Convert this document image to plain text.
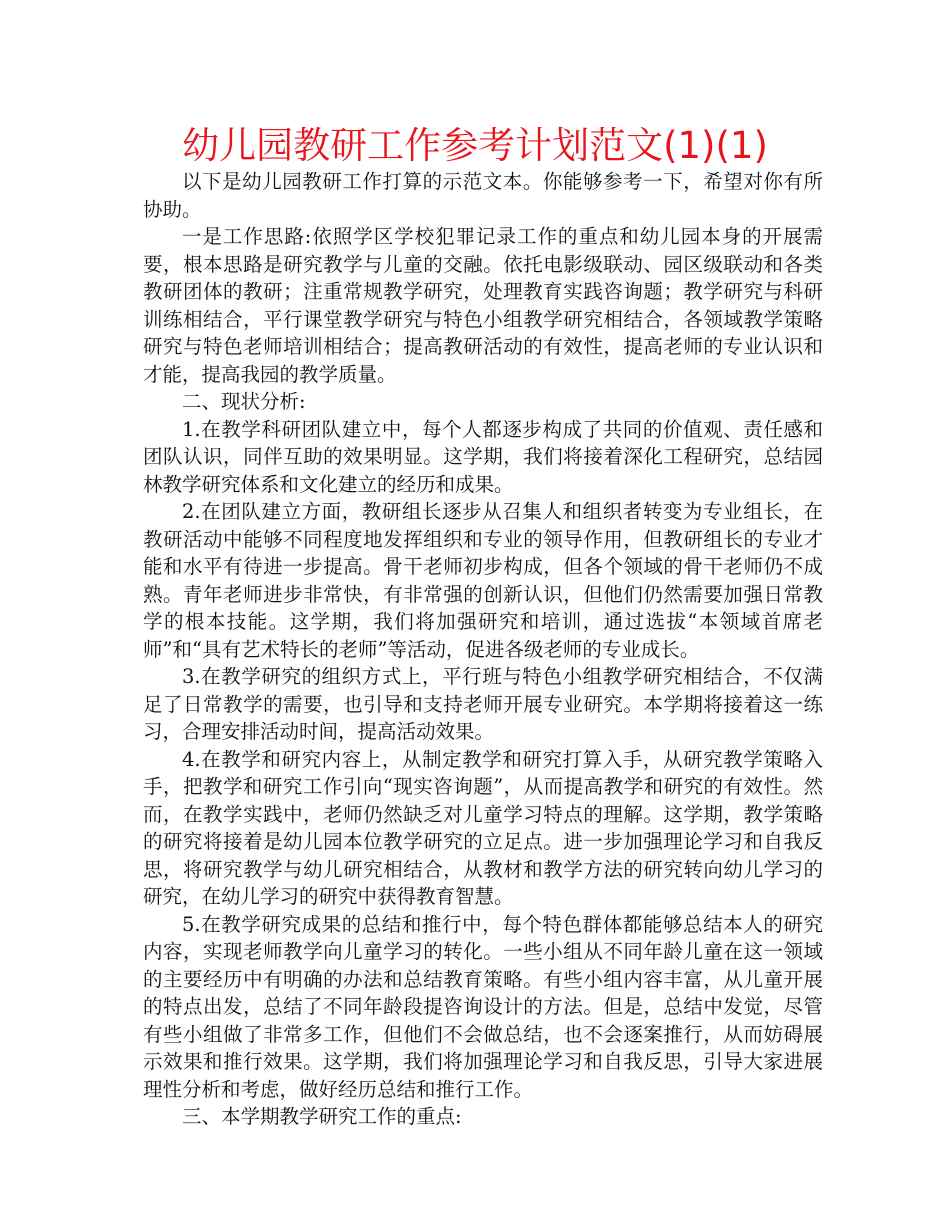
幼儿园教研工作参考计划范文(1)(1)

以下是幼儿园教研工作打算的示范文本。你能够参考一下，希望对你有所协助。

一是工作思路:依照学区学校犯罪记录工作的重点和幼儿园本身的开展需要，根本思路是研究教学与儿童的交融。依托电影级联动、园区级联动和各类教研团体的教研；注重常规教学研究，处理教育实践咨询题；教学研究与科研训练相结合，平行课堂教学研究与特色小组教学研究相结合，各领域教学策略研究与特色老师培训相结合；提高教研活动的有效性，提高老师的专业认识和才能，提高我园的教学质量。

二、现状分析:

1.在教学科研团队建立中，每个人都逐步构成了共同的价值观、责任感和团队认识，同伴互助的效果明显。这学期，我们将接着深化工程研究，总结园林教学研究体系和文化建立的经历和成果。

2.在团队建立方面，教研组长逐步从召集人和组织者转变为专业组长，在教研活动中能够不同程度地发挥组织和专业的领导作用，但教研组长的专业才能和水平有待进一步提高。骨干老师初步构成，但各个领域的骨干老师仍不成熟。青年老师进步非常快，有非常强的创新认识，但他们仍然需要加强日常教学的根本技能。这学期，我们将加强研究和培训，通过选拔“本领域首席老师”和“具有艺术特长的老师”等活动，促进各级老师的专业成长。

3.在教学研究的组织方式上，平行班与特色小组教学研究相结合，不仅满足了日常教学的需要，也引导和支持老师开展专业研究。本学期将接着这一练习，合理安排活动时间，提高活动效果。

4.在教学和研究内容上，从制定教学和研究打算入手，从研究教学策略入手，把教学和研究工作引向“现实咨询题”，从而提高教学和研究的有效性。然而，在教学实践中，老师仍然缺乏对儿童学习特点的理解。这学期，教学策略的研究将接着是幼儿园本位教学研究的立足点。进一步加强理论学习和自我反思，将研究教学与幼儿研究相结合，从教材和教学方法的研究转向幼儿学习的研究，在幼儿学习的研究中获得教育智慧。

5.在教学研究成果的总结和推行中，每个特色群体都能够总结本人的研究内容，实现老师教学向儿童学习的转化。一些小组从不同年龄儿童在这一领域的主要经历中有明确的办法和总结教育策略。有些小组内容丰富，从儿童开展的特点出发，总结了不同年龄段提咨询设计的方法。但是，总结中发觉，尽管有些小组做了非常多工作，但他们不会做总结，也不会逐案推行，从而妨碍展示效果和推行效果。这学期，我们将加强理论学习和自我反思，引导大家进展理性分析和考虑，做好经历总结和推行工作。

三、本学期教学研究工作的重点:
